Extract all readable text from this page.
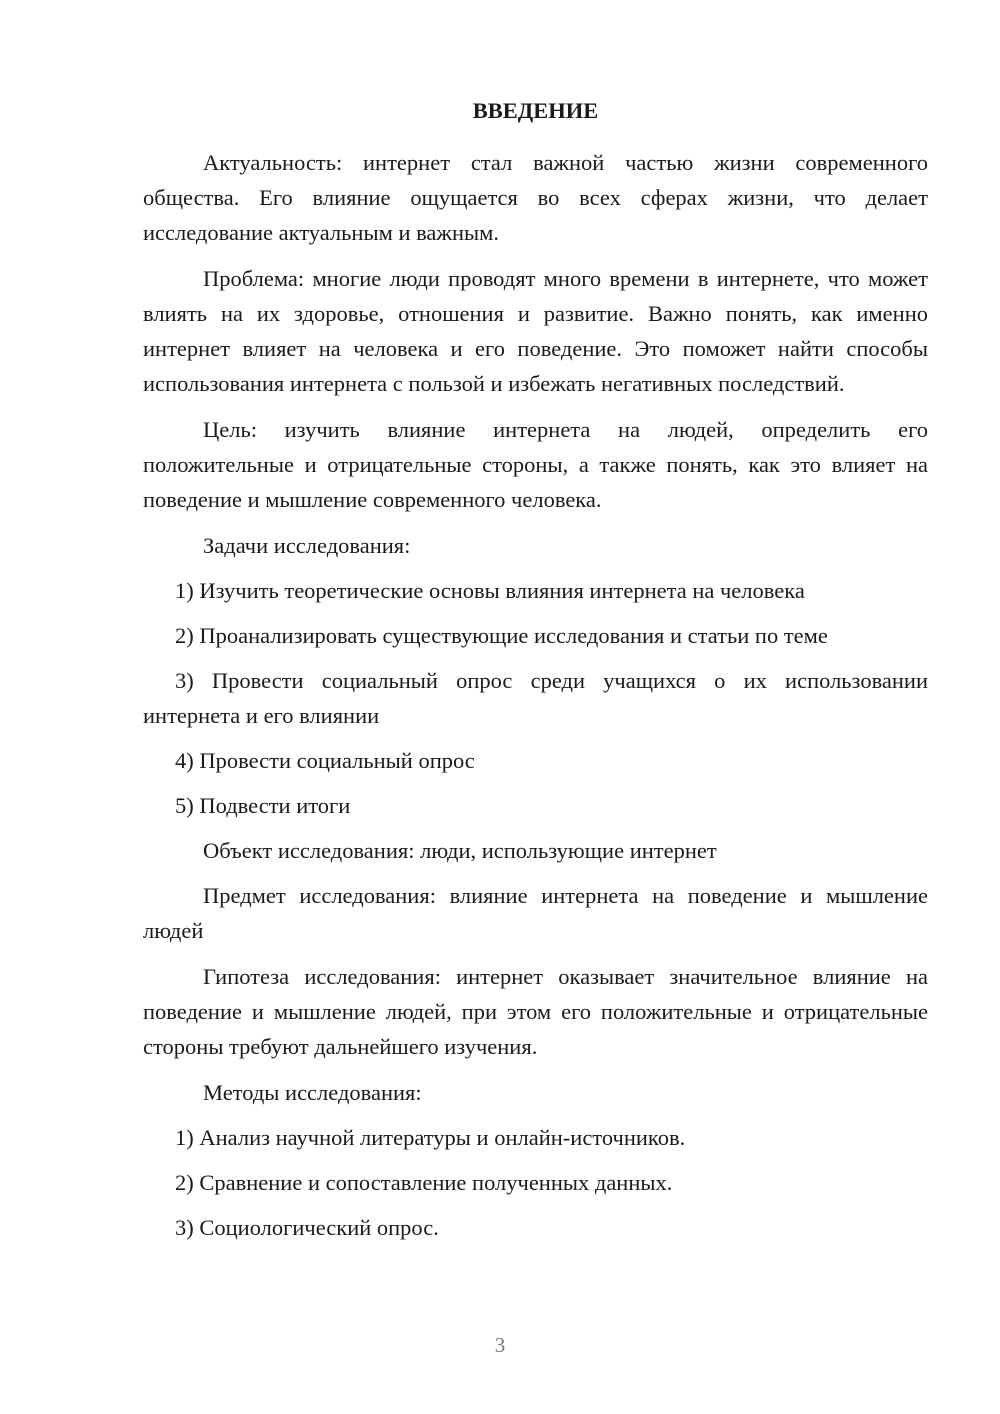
ВВЕДЕНИЕ

Актуальность: интернет стал важной частью жизни современного общества. Его влияние ощущается во всех сферах жизни, что делает исследование актуальным и важным.

Проблема: многие люди проводят много времени в интернете, что может влиять на их здоровье, отношения и развитие. Важно понять, как именно интернет влияет на человека и его поведение. Это поможет найти способы использования интернета с пользой и избежать негативных последствий.

Цель: изучить влияние интернета на людей, определить его положительные и отрицательные стороны, а также понять, как это влияет на поведение и мышление современного человека.

Задачи исследования:

1) Изучить теоретические основы влияния интернета на человека

2) Проанализировать существующие исследования и статьи по теме

3) Провести социальный опрос среди учащихся о их использовании интернета и его влиянии

4) Провести социальный опрос

5) Подвести итоги

Объект исследования: люди, использующие интернет

Предмет исследования: влияние интернета на поведение и мышление людей

Гипотеза исследования: интернет оказывает значительное влияние на поведение и мышление людей, при этом его положительные и отрицательные стороны требуют дальнейшего изучения.

Методы исследования:

1) Анализ научной литературы и онлайн-источников.

2) Сравнение и сопоставление полученных данных.

3) Социологический опрос.

3
